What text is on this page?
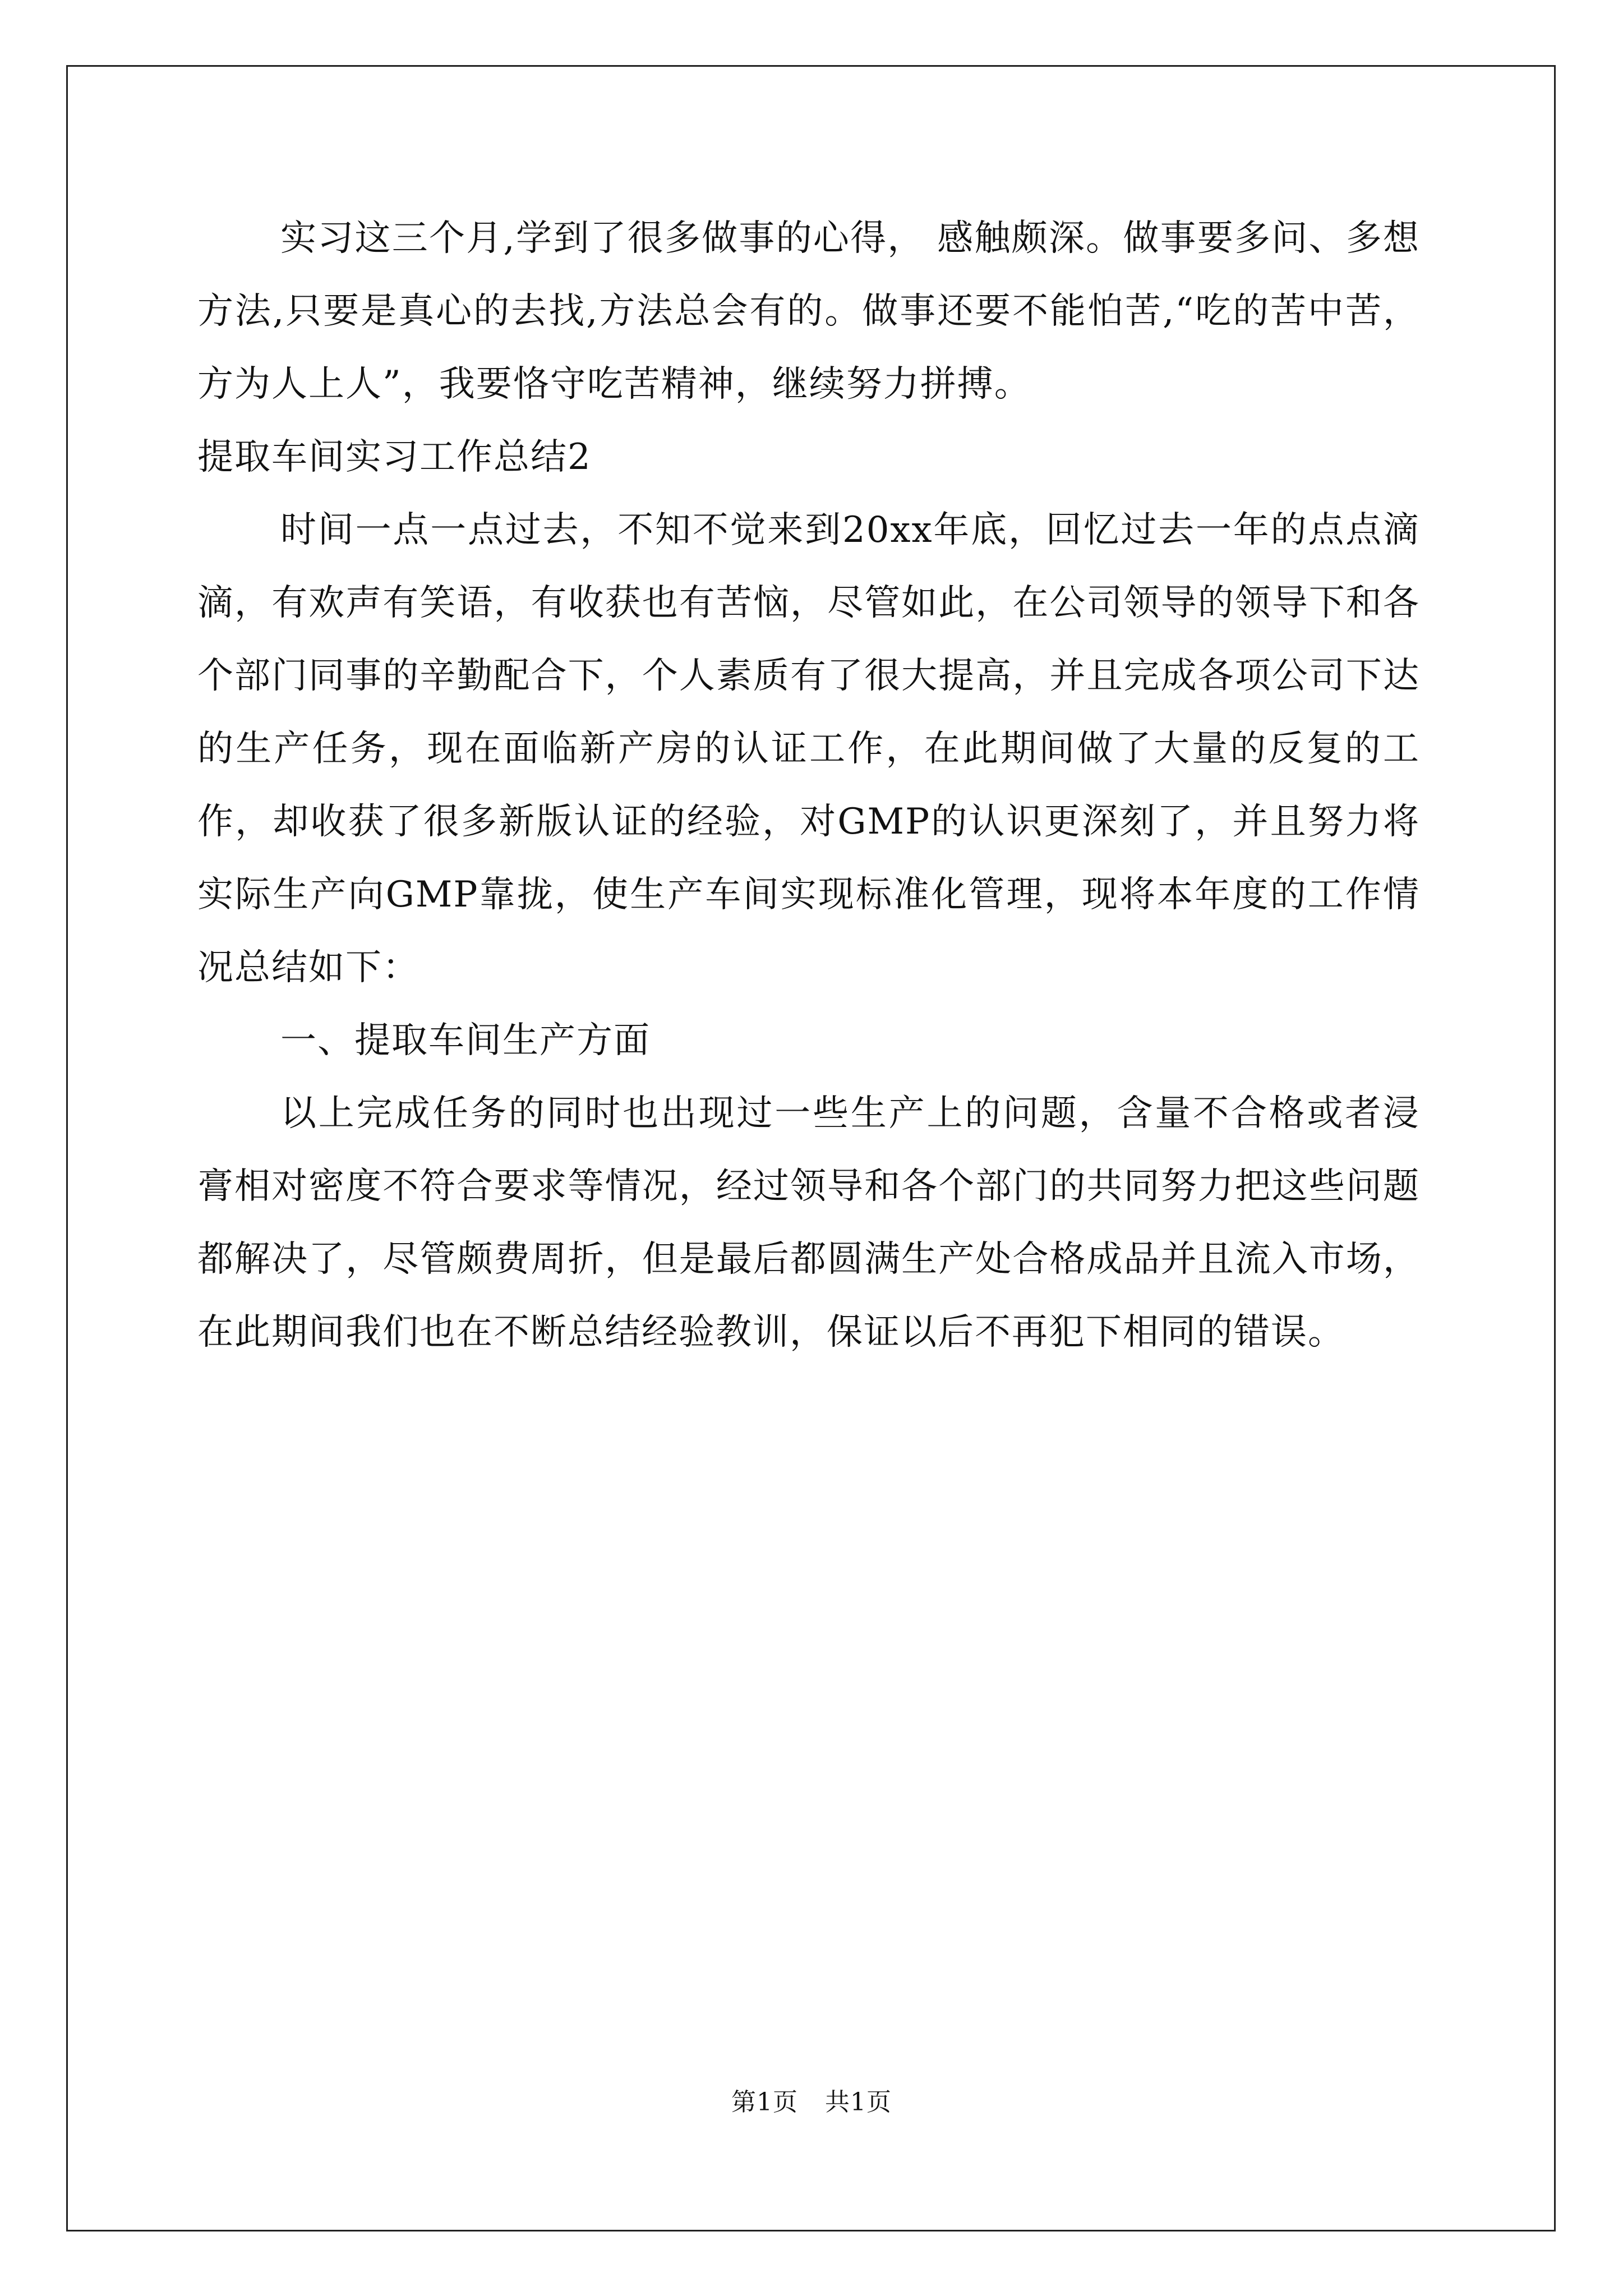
实习这三个月,学到了很多做事的心得， 感触颇深。做事要多问、多想方法,只要是真心的去找,方法总会有的。做事还要不能怕苦,“吃的苦中苦，方为人上人”，我要恪守吃苦精神，继续努力拼搏。

提取车间实习工作总结2

时间一点一点过去，不知不觉来到20xx年底，回忆过去一年的点点滴滴，有欢声有笑语，有收获也有苦恼，尽管如此，在公司领导的领导下和各个部门同事的辛勤配合下，个人素质有了很大提高，并且完成各项公司下达的生产任务，现在面临新产房的认证工作，在此期间做了大量的反复的工作，却收获了很多新版认证的经验，对GMP的认识更深刻了，并且努力将实际生产向GMP靠拢，使生产车间实现标准化管理，现将本年度的工作情况总结如下：

一、提取车间生产方面

以上完成任务的同时也出现过一些生产上的问题，含量不合格或者浸膏相对密度不符合要求等情况，经过领导和各个部门的共同努力把这些问题都解决了，尽管颇费周折，但是最后都圆满生产处合格成品并且流入市场，在此期间我们也在不断总结经验教训，保证以后不再犯下相同的错误。

第1页 共1页
